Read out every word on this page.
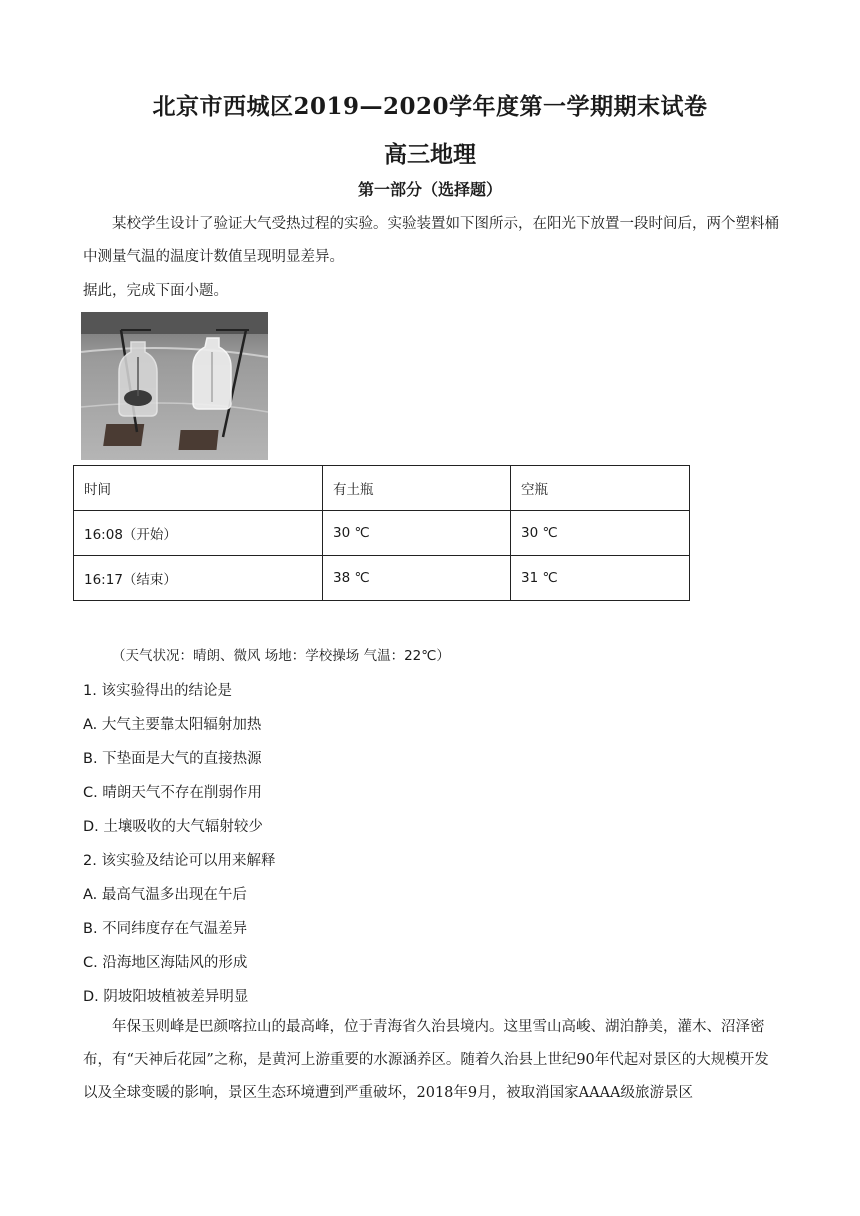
北京市西城区2019—2020学年度第一学期期末试卷
高三地理
第一部分（选择题）
某校学生设计了验证大气受热过程的实验。实验装置如下图所示，在阳光下放置一段时间后，两个塑料桶中测量气温的温度计数值呈现明显差异。
据此，完成下面小题。
时间	有土瓶	空瓶
16:08（开始）	30 ℃	30 ℃
16:17（结束）	38 ℃	31 ℃
（天气状况：晴朗、微风 场地：学校操场 气温：22℃）
1. 该实验得出的结论是
A. 大气主要靠太阳辐射加热
B. 下垫面是大气的直接热源
C. 晴朗天气不存在削弱作用
D. 土壤吸收的大气辐射较少
2. 该实验及结论可以用来解释
A. 最高气温多出现在午后
B. 不同纬度存在气温差异
C. 沿海地区海陆风的形成
D. 阴坡阳坡植被差异明显
年保玉则峰是巴颜喀拉山的最高峰，位于青海省久治县境内。这里雪山高峻、湖泊静美，灌木、沼泽密布，有“天神后花园”之称，是黄河上游重要的水源涵养区。随着久治县上世纪90年代起对景区的大规模开发以及全球变暖的影响，景区生态环境遭到严重破坏，2018年9月，被取消国家AAAA级旅游景区
